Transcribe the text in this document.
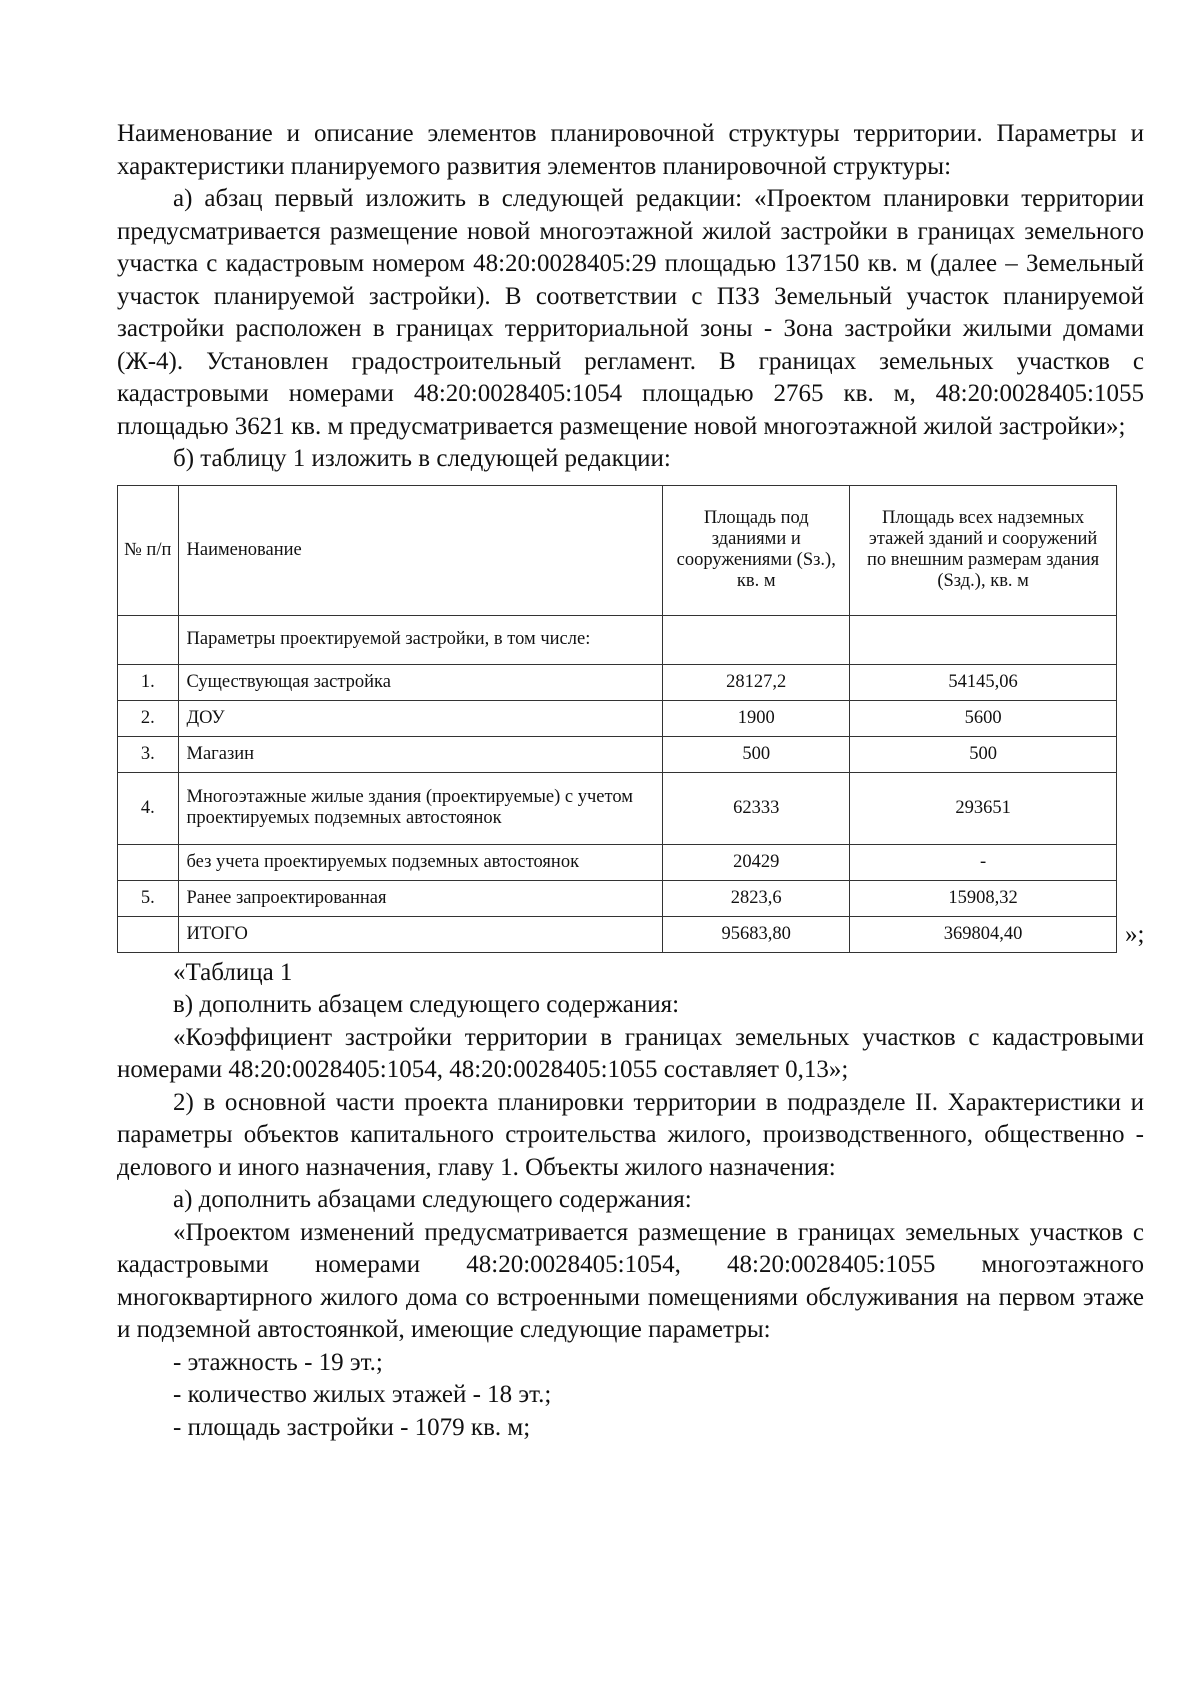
Наименование и описание элементов планировочной структуры территории. Параметры и характеристики планируемого развития элементов планировочной структуры:

а) абзац первый изложить в следующей редакции: «Проектом планировки территории предусматривается размещение новой многоэтажной жилой застройки в границах земельного участка с кадастровым номером 48:20:0028405:29 площадью 137150 кв. м (далее – Земельный участок планируемой застройки). В соответствии с ПЗЗ Земельный участок планируемой застройки расположен в границах территориальной зоны - Зона застройки жилыми домами (Ж-4). Установлен градостроительный регламент. В границах земельных участков с кадастровыми номерами 48:20:0028405:1054 площадью 2765 кв. м, 48:20:0028405:1055 площадью 3621 кв. м предусматривается размещение новой многоэтажной жилой застройки»;

б) таблицу 1 изложить в следующей редакции:

№ п/п	Наименование	Площадь под зданиями и сооружениями (Sз.), кв. м	Площадь всех надземных этажей зданий и сооружений по внешним размерам здания (Sзд.), кв. м
	Параметры проектируемой застройки, в том числе:		
1.	Существующая застройка	28127,2	54145,06
2.	ДОУ	1900	5600
3.	Магазин	500	500
4.	Многоэтажные жилые здания (проектируемые) с учетом проектируемых подземных автостоянок	62333	293651
	без учета проектируемых подземных автостоянок	20429	-
5.	Ранее запроектированная	2823,6	15908,32
	ИТОГО	95683,80	369804,40	»;

«Таблица 1

в) дополнить абзацем следующего содержания:

«Коэффициент застройки территории в границах земельных участков с кадастровыми номерами 48:20:0028405:1054, 48:20:0028405:1055 составляет 0,13»;

2) в основной части проекта планировки территории в подразделе II. Характеристики и параметры объектов капитального строительства жилого, производственного, общественно - делового и иного назначения, главу 1. Объекты жилого назначения:

а) дополнить абзацами следующего содержания:

«Проектом изменений предусматривается размещение в границах земельных участков с кадастровыми номерами 48:20:0028405:1054, 48:20:0028405:1055 многоэтажного многоквартирного жилого дома со встроенными помещениями обслуживания на первом этаже и подземной автостоянкой, имеющие следующие параметры:

- этажность - 19 эт.;

- количество жилых этажей - 18 эт.;

- площадь застройки - 1079 кв. м;
